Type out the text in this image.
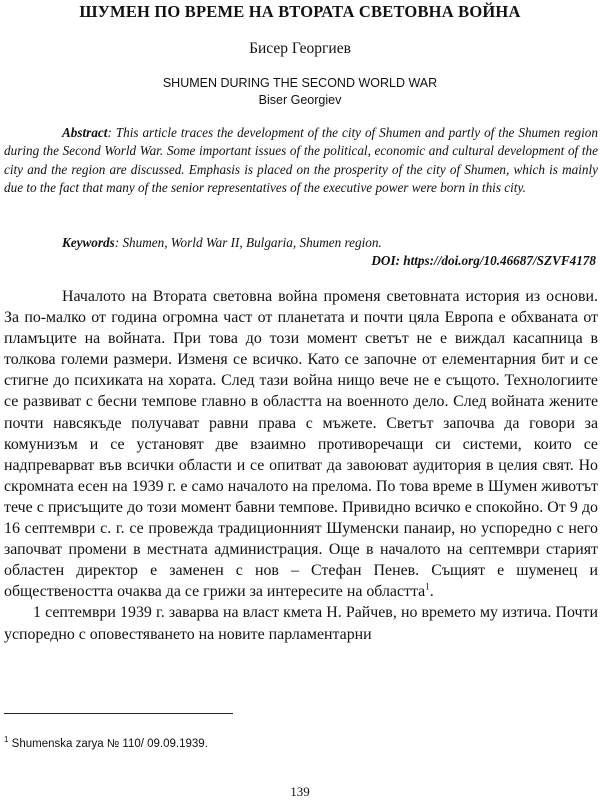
ШУМЕН ПО ВРЕМЕ НА ВТОРАТА СВЕТОВНА ВОЙНА
Бисер Георгиев
SHUMEN DURING THE SECOND WORLD WAR
Biser Georgiev

Abstract: This article traces the development of the city of Shumen and partly of the Shumen region during the Second World War. Some important issues of the political, economic and cultural development of the city and the region are discussed. Emphasis is placed on the prosperity of the city of Shumen, which is mainly due to the fact that many of the senior representatives of the executive power were born in this city.

Keywords: Shumen, World War II, Bulgaria, Shumen region.
DOI: https://doi.org/10.46687/SZVF4178

Началото на Втората световна война променя световната история из основи. За по-малко от година огромна част от планетата и почти цяла Европа е обхваната от пламъците на войната. При това до този момент светът не е виждал касапница в толкова големи размери. Изменя се всичко. Като се започне от елементарния бит и се стигне до психиката на хората. След тази война нищо вече не е същото. Технологиите се развиват с бесни темпове главно в областта на военното дело. След войната жените почти навсякъде получават равни права с мъжете. Светът започва да говори за комунизъм и се установят две взаимно противоречащи си системи, които се надпреварват във всички области и се опитват да завоюват аудитория в целия свят. Но скромната есен на 1939 г. е само началото на прелома. По това време в Шумен животът тече с присъщите до този момент бавни темпове. Привидно всичко е спокойно. От 9 до 16 септември с. г. се провежда традиционният Шуменски панаир, но успоредно с него започват промени в местната администрация. Още в началото на септември старият областен директор е заменен с нов – Стефан Пенев. Същият е шуменец и обществеността очаква да се грижи за интересите на областта$^1$.

1 септември 1939 г. заварва на власт кмета Н. Райчев, но времето му изтича. Почти успоредно с оповестяването на новите парламентарни

$^1$ Shumenska zarya № 110/ 09.09.1939.
139
